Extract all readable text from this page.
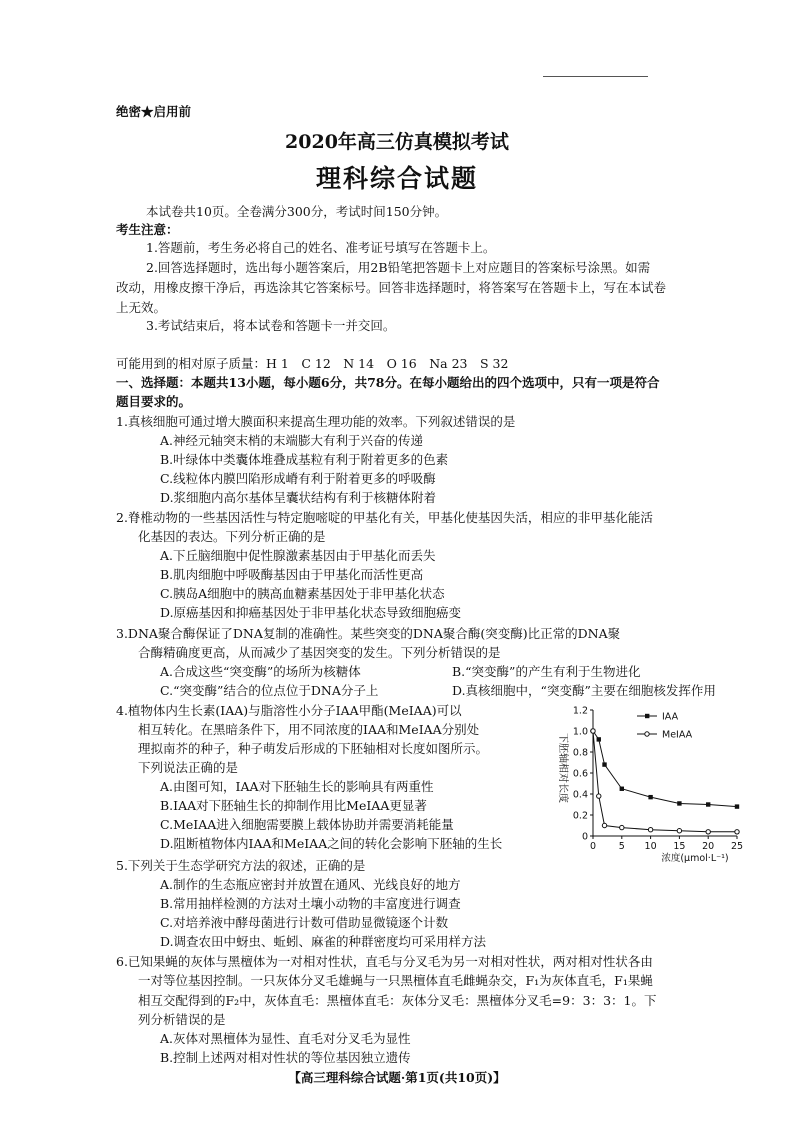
绝密★启用前
2020年高三仿真模拟考试
理科综合试题
本试卷共10页。全卷满分300分，考试时间150分钟。
考生注意：
1.答题前，考生务必将自己的姓名、准考证号填写在答题卡上。
2.回答选择题时，选出每小题答案后，用2B铅笔把答题卡上对应题目的答案标号涂黑。如需
改动，用橡皮擦干净后，再选涂其它答案标号。回答非选择题时，将答案写在答题卡上，写在本试卷
上无效。
3.考试结束后，将本试卷和答题卡一并交回。
可能用到的相对原子质量：H 1　C 12　N 14　O 16　Na 23　S 32
一、选择题：本题共13小题，每小题6分，共78分。在每小题给出的四个选项中，只有一项是符合
题目要求的。
1.真核细胞可通过增大膜面积来提高生理功能的效率。下列叙述错误的是
A.神经元轴突末梢的末端膨大有利于兴奋的传递
B.叶绿体中类囊体堆叠成基粒有利于附着更多的色素
C.线粒体内膜凹陷形成嵴有利于附着更多的呼吸酶
D.浆细胞内高尔基体呈囊状结构有利于核糖体附着
2.脊椎动物的一些基因活性与特定胞嘧啶的甲基化有关，甲基化使基因失活，相应的非甲基化能活
化基因的表达。下列分析正确的是
A.下丘脑细胞中促性腺激素基因由于甲基化而丢失
B.肌肉细胞中呼吸酶基因由于甲基化而活性更高
C.胰岛A细胞中的胰高血糖素基因处于非甲基化状态
D.原癌基因和抑癌基因处于非甲基化状态导致细胞癌变
3.DNA聚合酶保证了DNA复制的准确性。某些突变的DNA聚合酶(突变酶)比正常的DNA聚
合酶精确度更高，从而减少了基因突变的发生。下列分析错误的是
A.合成这些“突变酶”的场所为核糖体	B.“突变酶”的产生有利于生物进化
C.“突变酶”结合的位点位于DNA分子上	D.真核细胞中，“突变酶”主要在细胞核发挥作用
4.植物体内生长素(IAA)与脂溶性小分子IAA甲酯(MeIAA)可以
相互转化。在黑暗条件下，用不同浓度的IAA和MeIAA分别处
理拟南芥的种子，种子萌发后形成的下胚轴相对长度如图所示。
下列说法正确的是
A.由图可知，IAA对下胚轴生长的影响具有两重性
B.IAA对下胚轴生长的抑制作用比MeIAA更显著
C.MeIAA进入细胞需要膜上载体协助并需要消耗能量
D.阻断植物体内IAA和MeIAA之间的转化会影响下胚轴的生长	0
0.2
0.4
0.6
0.8
1.0
1.2
0 5 10 15 20 25
IAA
MeIAA
下胚轴相对长度
浓度(μmol·L⁻¹)
5.下列关于生态学研究方法的叙述，正确的是
A.制作的生态瓶应密封并放置在通风、光线良好的地方
B.常用抽样检测的方法对土壤小动物的丰富度进行调查
C.对培养液中酵母菌进行计数可借助显微镜逐个计数
D.调查农田中蚜虫、蚯蚓、麻雀的种群密度均可采用样方法
6.已知果蝇的灰体与黑檀体为一对相对性状，直毛与分叉毛为另一对相对性状，两对相对性状各由
一对等位基因控制。一只灰体分叉毛雄蝇与一只黑檀体直毛雌蝇杂交，F₁为灰体直毛，F₁果蝇
相互交配得到的F₂中，灰体直毛：黑檀体直毛：灰体分叉毛：黑檀体分叉毛=9：3：3：1。下
列分析错误的是
A.灰体对黑檀体为显性、直毛对分叉毛为显性
B.控制上述两对相对性状的等位基因独立遗传
【高三理科综合试题·第1页(共10页)】
